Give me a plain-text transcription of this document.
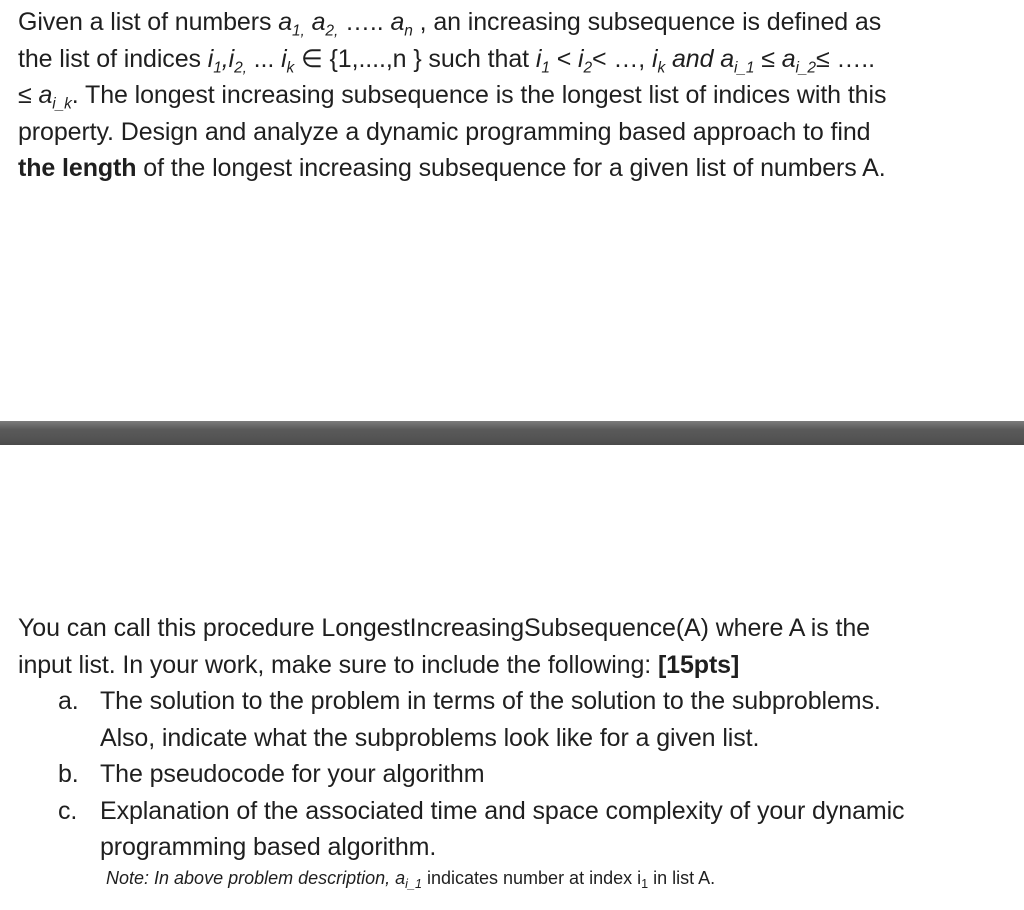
Given a list of numbers $a_{1,}$ $a_{2,}$ ….. $a_n$ , an increasing subsequence is defined as
the list of indices $i_1,i_{2,}$ ... $i_k$ ∈ {1,....,n } such that $i_1 < i_2<$ …, $i_k$ and $a_{i\_1} \le a_{i\_2}\le$ …..
≤ $a_{i\_k}$. The longest increasing subsequence is the longest list of indices with this
property. Design and analyze a dynamic programming based approach to find
the length of the longest increasing subsequence for a given list of numbers A.
You can call this procedure LongestIncreasingSubsequence(A) where A is the
input list. In your work, make sure to include the following: [15pts]
a. The solution to the problem in terms of the solution to the subproblems.
Also, indicate what the subproblems look like for a given list.
b. The pseudocode for your algorithm
c. Explanation of the associated time and space complexity of your dynamic
programming based algorithm.
Note: In above problem description, $a_{i\_1}$ indicates number at index $i_1$ in list A.
